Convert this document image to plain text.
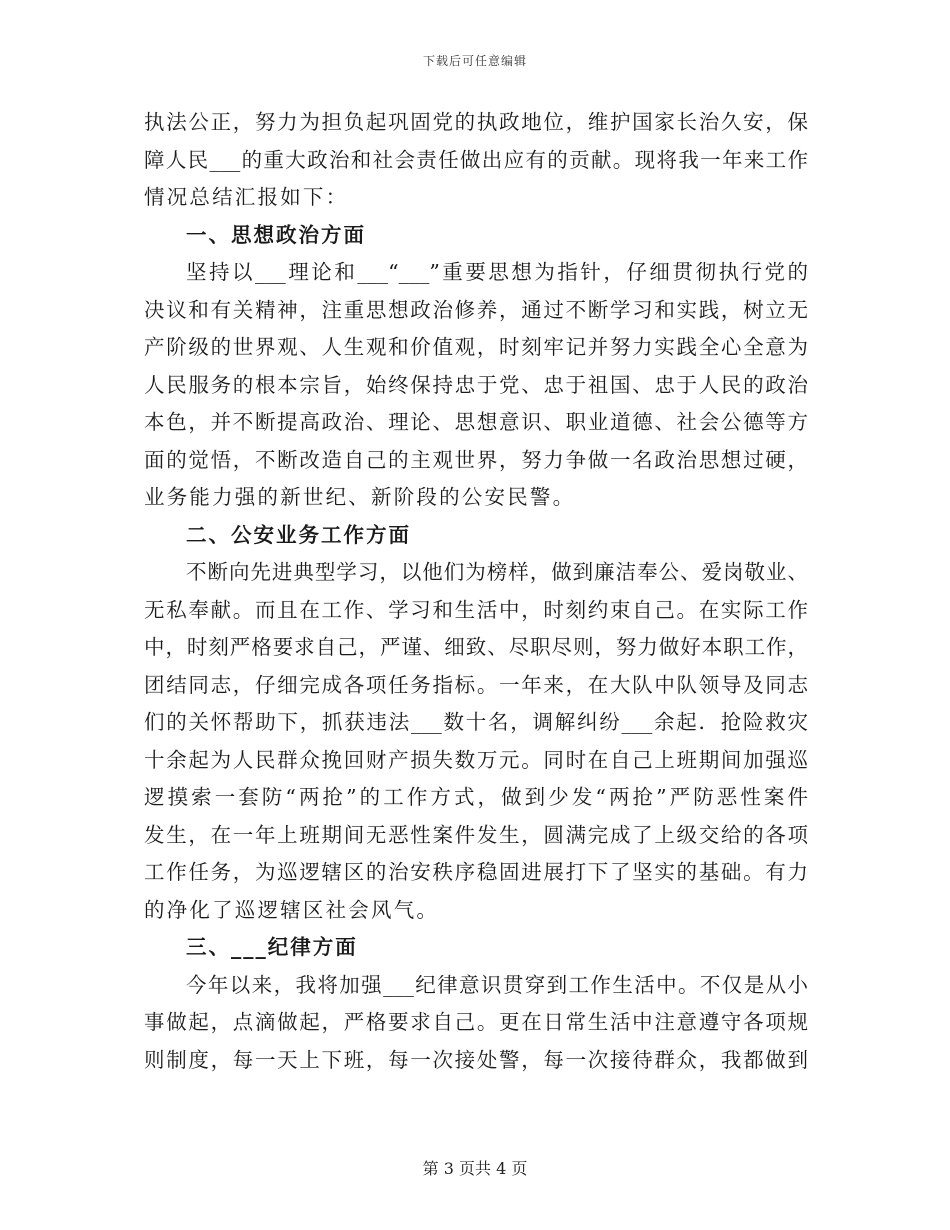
下载后可任意编辑
执法公正，努力为担负起巩固党的执政地位，维护国家长治久安，保
障人民___的重大政治和社会责任做出应有的贡献。现将我一年来工作
情况总结汇报如下：
一、思想政治方面
坚持以___理论和___“___”重要思想为指针，仔细贯彻执行党的
决议和有关精神，注重思想政治修养，通过不断学习和实践，树立无
产阶级的世界观、人生观和价值观，时刻牢记并努力实践全心全意为
人民服务的根本宗旨，始终保持忠于党、忠于祖国、忠于人民的政治
本色，并不断提高政治、理论、思想意识、职业道德、社会公德等方
面的觉悟，不断改造自己的主观世界，努力争做一名政治思想过硬，
业务能力强的新世纪、新阶段的公安民警。
二、公安业务工作方面
不断向先进典型学习，以他们为榜样，做到廉洁奉公、爱岗敬业、
无私奉献。而且在工作、学习和生活中，时刻约束自己。在实际工作
中，时刻严格要求自己，严谨、细致、尽职尽则，努力做好本职工作，
团结同志，仔细完成各项任务指标。一年来，在大队中队领导及同志
们的关怀帮助下，抓获违法___数十名，调解纠纷___余起．抢险救灾
十余起为人民群众挽回财产损失数万元。同时在自己上班期间加强巡
逻摸索一套防“两抢”的工作方式，做到少发“两抢”严防恶性案件
发生，在一年上班期间无恶性案件发生，圆满完成了上级交给的各项
工作任务，为巡逻辖区的治安秩序稳固进展打下了坚实的基础。有力
的净化了巡逻辖区社会风气。
三、___纪律方面
今年以来，我将加强___纪律意识贯穿到工作生活中。不仅是从小
事做起，点滴做起，严格要求自己。更在日常生活中注意遵守各项规
则制度，每一天上下班，每一次接处警，每一次接待群众，我都做到
第 3 页共 4 页
